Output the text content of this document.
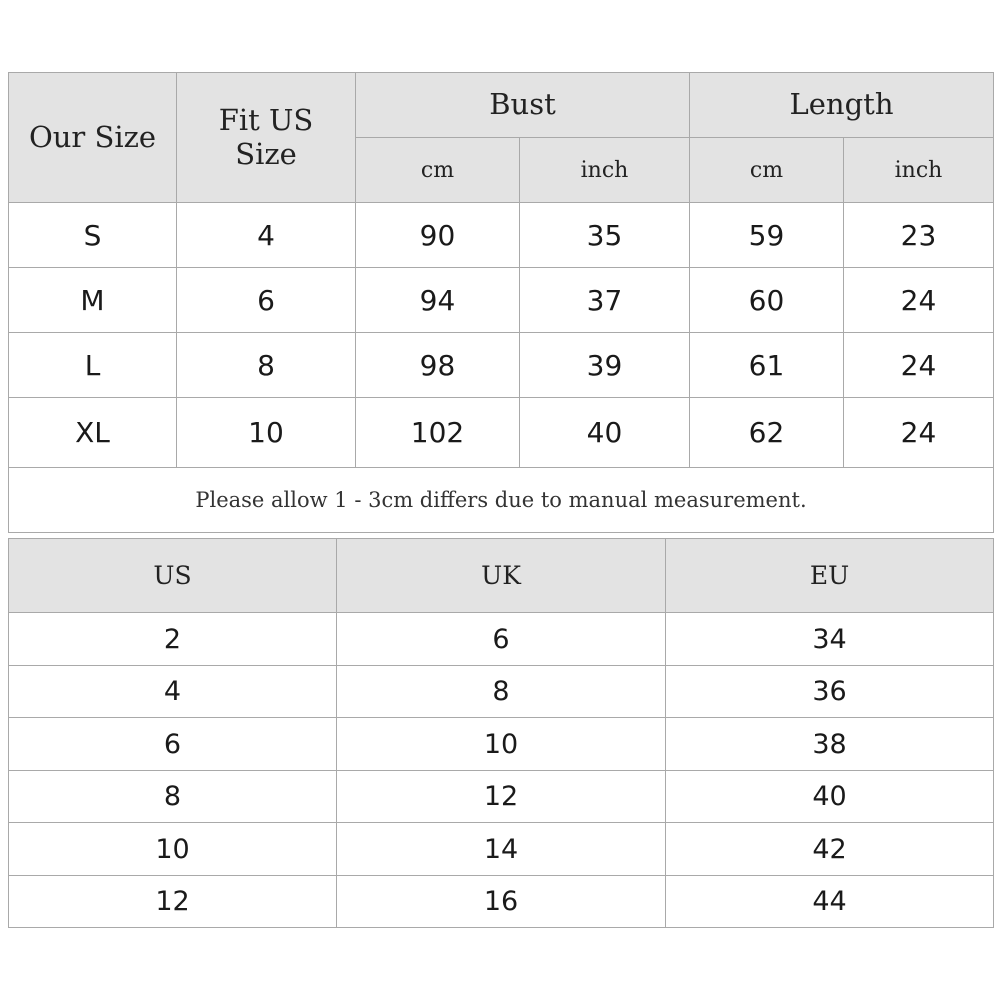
Our Size	Fit US Size	Bust		Length	
		cm	inch	cm	inch
S	4	90	35	59	23
M	6	94	37	60	24
L	8	98	39	61	24
XL	10	102	40	62	24
Please allow 1 - 3cm differs due to manual measurement.					
US	UK	EU
2	6	34
4	8	36
6	10	38
8	12	40
10	14	42
12	16	44
